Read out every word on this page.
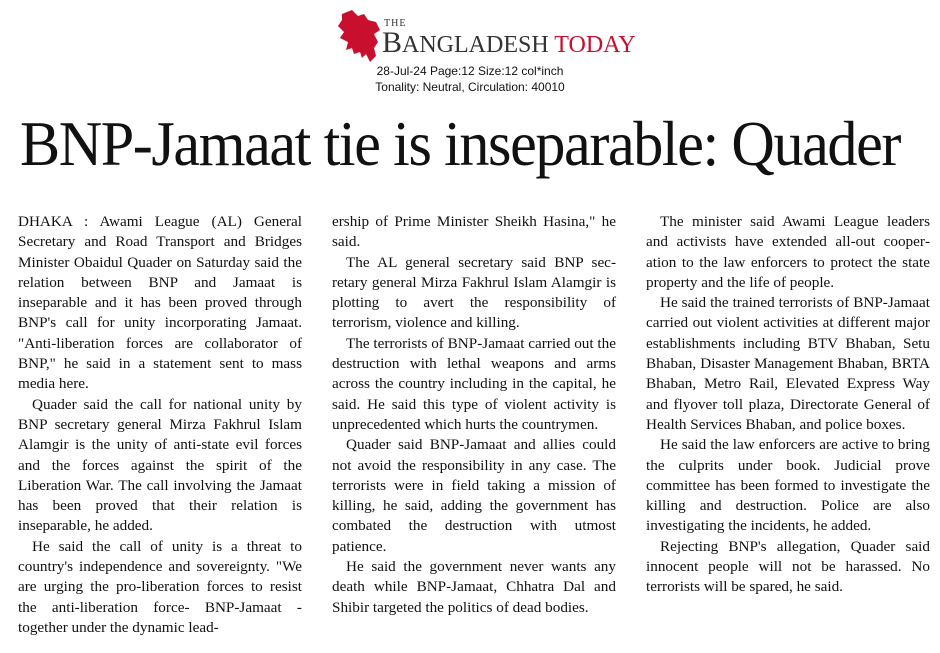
THE
BANGLADESH TODAY
28-Jul-24 Page:12 Size:12 col*inch
Tonality: Neutral, Circulation: 40010
BNP-Jamaat tie is inseparable: Quader

DHAKA : Awami League (AL) General Secretary and Road Transport and Bridges Minister Obaidul Quader on Saturday said the relation between BNP and Jamaat is inseparable and it has been proved through BNP's call for unity incorporating Jamaat. "Anti-liberation forces are collaborator of BNP," he said in a statement sent to mass media here.

Quader said the call for national unity by BNP secretary general Mirza Fakhrul Islam Alamgir is the unity of anti-state evil forces and the forces against the spirit of the Liberation War. The call involving the Jamaat has been proved that their relation is inseparable, he added.

He said the call of unity is a threat to country's independence and sovereignty. "We are urging the pro-liberation forces to resist the anti-liberation force- BNP-Jamaat - together under the dynamic lead-

ership of Prime Minister Sheikh Hasina," he said.

The AL general secretary said BNP secretary general Mirza Fakhrul Islam Alamgir is plotting to avert the responsibility of terrorism, violence and killing.

The terrorists of BNP-Jamaat carried out the destruction with lethal weapons and arms across the country including in the capital, he said. He said this type of violent activity is unprecedented which hurts the countrymen.

Quader said BNP-Jamaat and allies could not avoid the responsibility in any case. The terrorists were in field taking a mission of killing, he said, adding the government has combated the destruction with utmost patience.

He said the government never wants any death while BNP-Jamaat, Chhatra Dal and Shibir targeted the politics of dead bodies.

The minister said Awami League leaders and activists have extended all-out cooperation to the law enforcers to protect the state property and the life of people.

He said the trained terrorists of BNP-Jamaat carried out violent activities at different major establishments including BTV Bhaban, Setu Bhaban, Disaster Management Bhaban, BRTA Bhaban, Metro Rail, Elevated Express Way and flyover toll plaza, Directorate General of Health Services Bhaban, and police boxes.

He said the law enforcers are active to bring the culprits under book. Judicial prove committee has been formed to investigate the killing and destruction. Police are also investigating the incidents, he added.

Rejecting BNP's allegation, Quader said innocent people will not be harassed. No terrorists will be spared, he said.
